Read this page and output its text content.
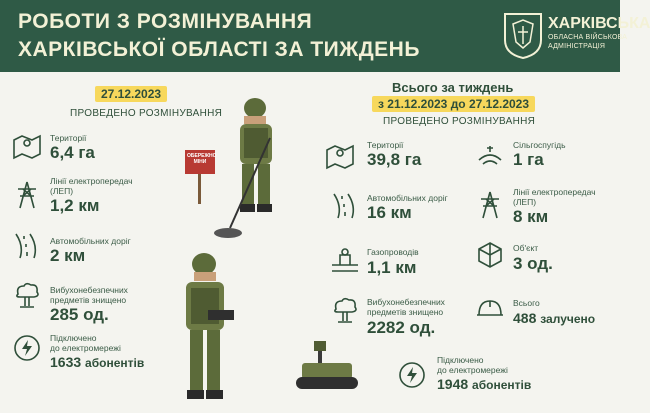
РОБОТИ З РОЗМІНУВАННЯ
ХАРКІВСЬКОЇ ОБЛАСТІ ЗА ТИЖДЕНЬ
ХАРКІВСЬКА
ОБЛАСНА ВІЙСЬКОВА
АДМІНІСТРАЦІЯ
27.12.2023
ПРОВЕДЕНО РОЗМІНУВАННЯ
Території
6,4 га
Лінії електропередач
(ЛЕП)
1,2 км
Автомобільних доріг
2 км
Вибухонебезпечних
предметів знищено
285 од.
Підключено
до електромережі
1633 абонентів
ОБЕРЕЖНО
МІНИ
Всього за тиждень
з 21.12.2023 до 27.12.2023
ПРОВЕДЕНО РОЗМІНУВАННЯ
Території
39,8 га
Сільгоспугідь
1 га
Автомобільних доріг
16 км
Лінії електропередач
(ЛЕП)
8 км
Газопроводів
1,1 км
Об'єкт
3 од.
Вибухонебезпечних
предметів знищено
2282 од.
Всього
488 залучено
Підключено
до електромережі
1948 абонентів
